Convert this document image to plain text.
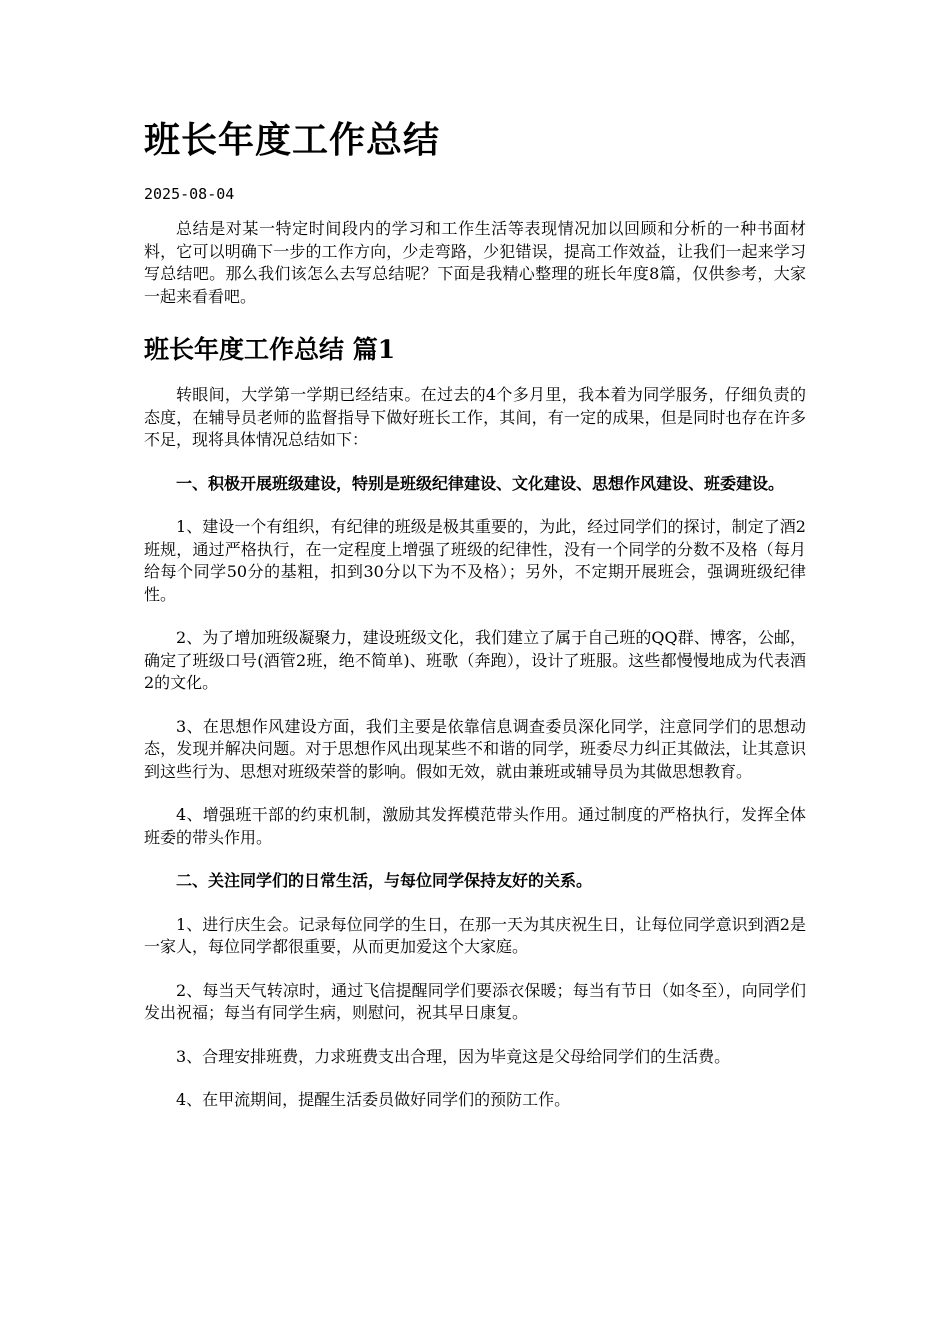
班长年度工作总结
2025-08-04

总结是对某一特定时间段内的学习和工作生活等表现情况加以回顾和分析的一种书面材料，它可以明确下一步的工作方向，少走弯路，少犯错误，提高工作效益，让我们一起来学习写总结吧。那么我们该怎么去写总结呢？下面是我精心整理的班长年度8篇，仅供参考，大家一起来看看吧。

班长年度工作总结 篇1

转眼间，大学第一学期已经结束。在过去的4个多月里，我本着为同学服务，仔细负责的态度，在辅导员老师的监督指导下做好班长工作，其间，有一定的成果，但是同时也存在许多不足，现将具体情况总结如下：

一、积极开展班级建设，特别是班级纪律建设、文化建设、思想作风建设、班委建设。

1、建设一个有组织，有纪律的班级是极其重要的，为此，经过同学们的探讨，制定了酒2班规，通过严格执行，在一定程度上增强了班级的纪律性，没有一个同学的分数不及格（每月给每个同学50分的基粗，扣到30分以下为不及格）；另外，不定期开展班会，强调班级纪律性。

2、为了增加班级凝聚力，建设班级文化，我们建立了属于自己班的QQ群、博客，公邮，确定了班级口号(酒管2班，绝不简单)、班歌（奔跑），设计了班服。这些都慢慢地成为代表酒2的文化。

3、在思想作风建设方面，我们主要是依靠信息调查委员深化同学，注意同学们的思想动态，发现并解决问题。对于思想作风出现某些不和谐的同学，班委尽力纠正其做法，让其意识到这些行为、思想对班级荣誉的影响。假如无效，就由兼班或辅导员为其做思想教育。

4、增强班干部的约束机制，激励其发挥模范带头作用。通过制度的严格执行，发挥全体班委的带头作用。

二、关注同学们的日常生活，与每位同学保持友好的关系。

1、进行庆生会。记录每位同学的生日，在那一天为其庆祝生日，让每位同学意识到酒2是一家人，每位同学都很重要，从而更加爱这个大家庭。

2、每当天气转凉时，通过飞信提醒同学们要添衣保暖；每当有节日（如冬至），向同学们发出祝福；每当有同学生病，则慰问，祝其早日康复。

3、合理安排班费，力求班费支出合理，因为毕竟这是父母给同学们的生活费。

4、在甲流期间，提醒生活委员做好同学们的预防工作。
